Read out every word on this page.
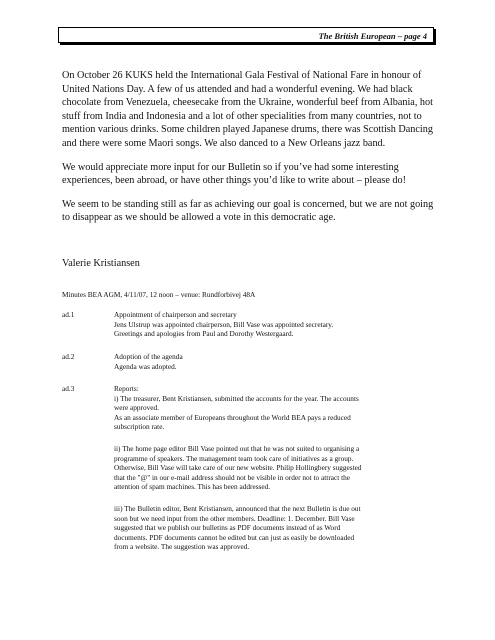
The British European – page 4

On October 26 KUKS held the International Gala Festival of National Fare in honour of United Nations Day. A few of us attended and had a wonderful evening. We had black chocolate from Venezuela, cheesecake from the Ukraine, wonderful beef from Albania, hot stuff from India and Indonesia and a lot of other specialities from many countries, not to mention various drinks. Some children played Japanese drums, there was Scottish Dancing and there were some Maori songs. We also danced to a New Orleans jazz band.

We would appreciate more input for our Bulletin so if you’ve had some interesting experiences, been abroad, or have other things you’d like to write about – please do!

We seem to be standing still as far as achieving our goal is concerned, but we are not going to disappear as we should be allowed a vote in this democratic age.

Valerie Kristiansen
Minutes BEA AGM, 4/11/07, 12 noon – venue: Rundforbivej 48A
ad.1	Appointment of chairperson and secretary

Jens Ulstrup was appointed chairperson, Bill Vase was appointed secretary.

Greetings and apologies from Paul and Dorothy Westergaard.

ad.2	Adoption of the agenda

Agenda was adopted.

ad.3	Reports:

i) The treasurer, Bent Kristiansen, submitted the accounts for the year. The accounts

were approved.

As an associate member of Europeans throughout the World BEA pays a reduced

subscription rate.

ii) The home page editor Bill Vase pointed out that he was not suited to organising a

programme of speakers. The management team took care of initiatives as a group.

Otherwise, Bill Vase will take care of our new website. Philip Hollingbery suggested

that the "@" in our e-mail address should not be visible in order not to attract the

attention of spam machines. This has been addressed.

iii) The Bulletin editor, Bent Kristiansen, announced that the next Bulletin is due out

soon but we need input from the other members. Deadline: 1. December. Bill Vase

suggested that we publish our bulletins as PDF documents instead of as Word

documents. PDF documents cannot be edited but can just as easily be downloaded

from a website. The suggestion was approved.
